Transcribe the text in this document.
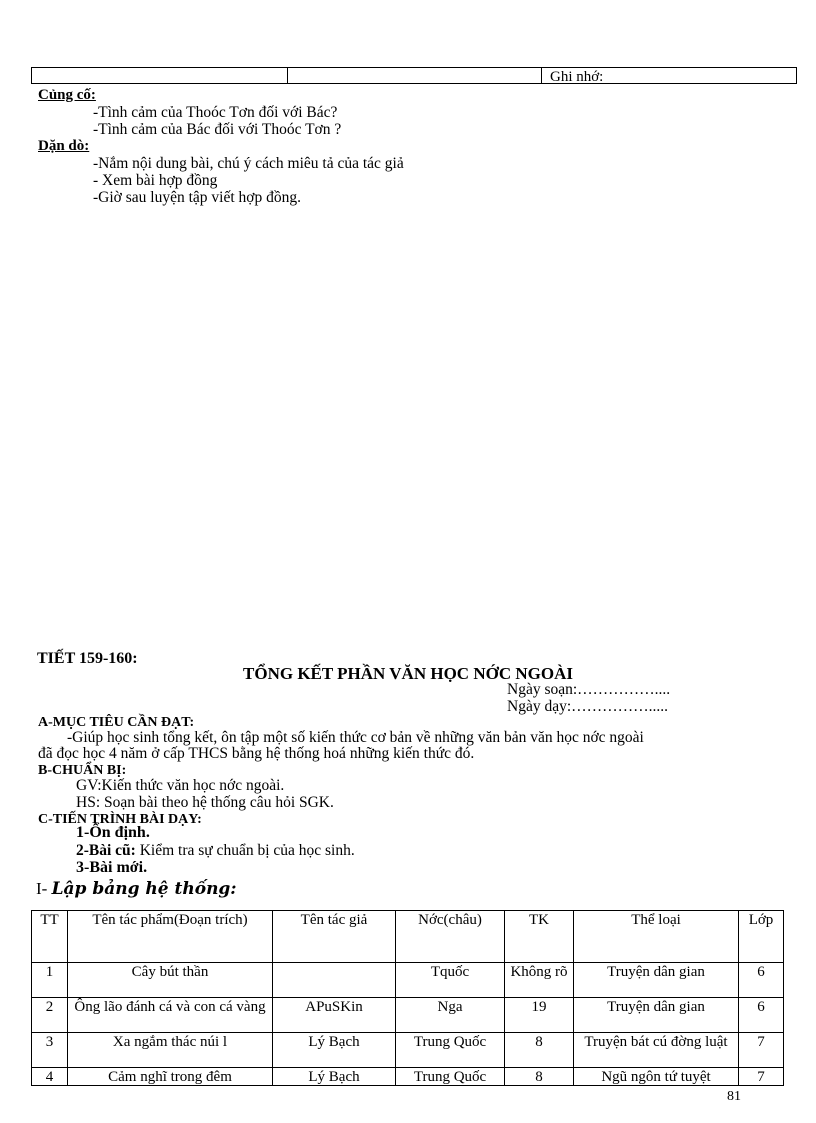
Ghi nhớ:
Củng cố:
-Tình cảm của Thoóc Tơn đối với Bác?
-Tình cảm của Bác đối với Thoóc Tơn ?
Dặn dò:
-Nắm nội dung bài, chú ý cách miêu tả của tác giả
- Xem bài hợp đồng
-Giờ sau luyện tập viết hợp đồng.
TIẾT 159-160:
TỔNG KẾT PHẦN VĂN HỌC NỚC NGOÀI
Ngày soạn:……………....
Ngày dạy:…………….....
A-MỤC TIÊU CẦN ĐẠT:
-Giúp học sinh tổng kết, ôn tập một số kiến thức cơ bản về những văn bản văn học nớc ngoài
đã đọc học 4 năm ở cấp THCS bằng hệ thống hoá những kiến thức đó.
B-CHUẨN BỊ:
GV:Kiến thức văn học nớc ngoài.
HS: Soạn bài theo hệ thống câu hỏi SGK.
C-TIẾN TRÌNH BÀI DẠY:
1-Ổn định.
2-Bài cũ: Kiểm tra sự chuẩn bị của học sinh.
3-Bài mới.
I- Lập bảng hệ thống:
TT	Tên tác phẩm(Đoạn trích)	Tên tác giả	Nớc(châu)	TK	Thể loại	Lớp
1	Cây bút thần		Tquốc	Không rõ	Truyện dân gian	6
2	Ông lão đánh cá và con cá vàng	APuSKin	Nga	19	Truyện dân gian	6
3	Xa ngắm thác núi l	Lý Bạch	Trung Quốc	8	Truyện bát cú đờng luật	7
4	Cảm nghĩ trong đêm	Lý Bạch	Trung Quốc	8	Ngũ ngôn tứ tuyệt	7
81
